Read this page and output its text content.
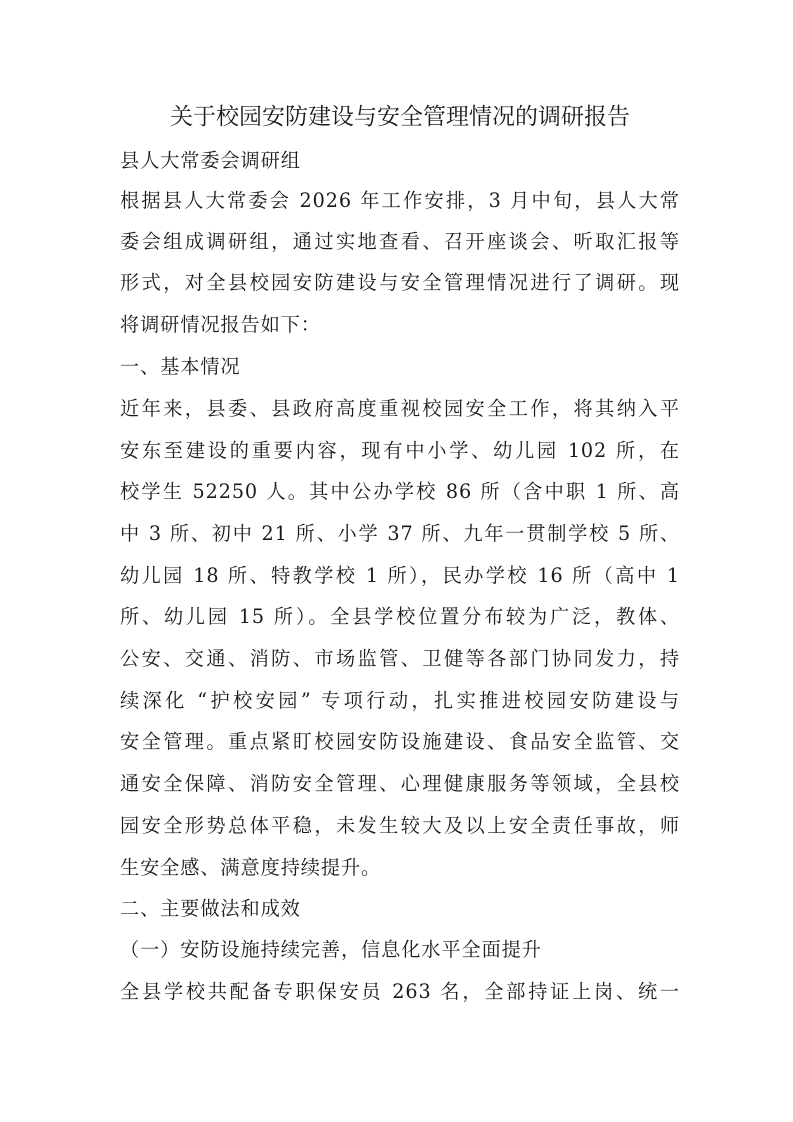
关于校园安防建设与安全管理情况的调研报告
县人大常委会调研组
根据县人大常委会 2026 年工作安排，3 月中旬，县人大常
委会组成调研组，通过实地查看、召开座谈会、听取汇报等
形式，对全县校园安防建设与安全管理情况进行了调研。现
将调研情况报告如下：
一、基本情况
近年来，县委、县政府高度重视校园安全工作，将其纳入平
安东至建设的重要内容，现有中小学、幼儿园 102 所，在
校学生 52250 人。其中公办学校 86 所（含中职 1 所、高
中 3 所、初中 21 所、小学 37 所、九年一贯制学校 5 所、
幼儿园 18 所、特教学校 1 所），民办学校 16 所（高中 1
所、幼儿园 15 所）。全县学校位置分布较为广泛，教体、
公安、交通、消防、市场监管、卫健等各部门协同发力，持
续深化 “护校安园” 专项行动，扎实推进校园安防建设与
安全管理。重点紧盯校园安防设施建设、食品安全监管、交
通安全保障、消防安全管理、心理健康服务等领域，全县校
园安全形势总体平稳，未发生较大及以上安全责任事故，师
生安全感、满意度持续提升。
二、主要做法和成效
（一）安防设施持续完善，信息化水平全面提升
全县学校共配备专职保安员 263 名，全部持证上岗、统一
